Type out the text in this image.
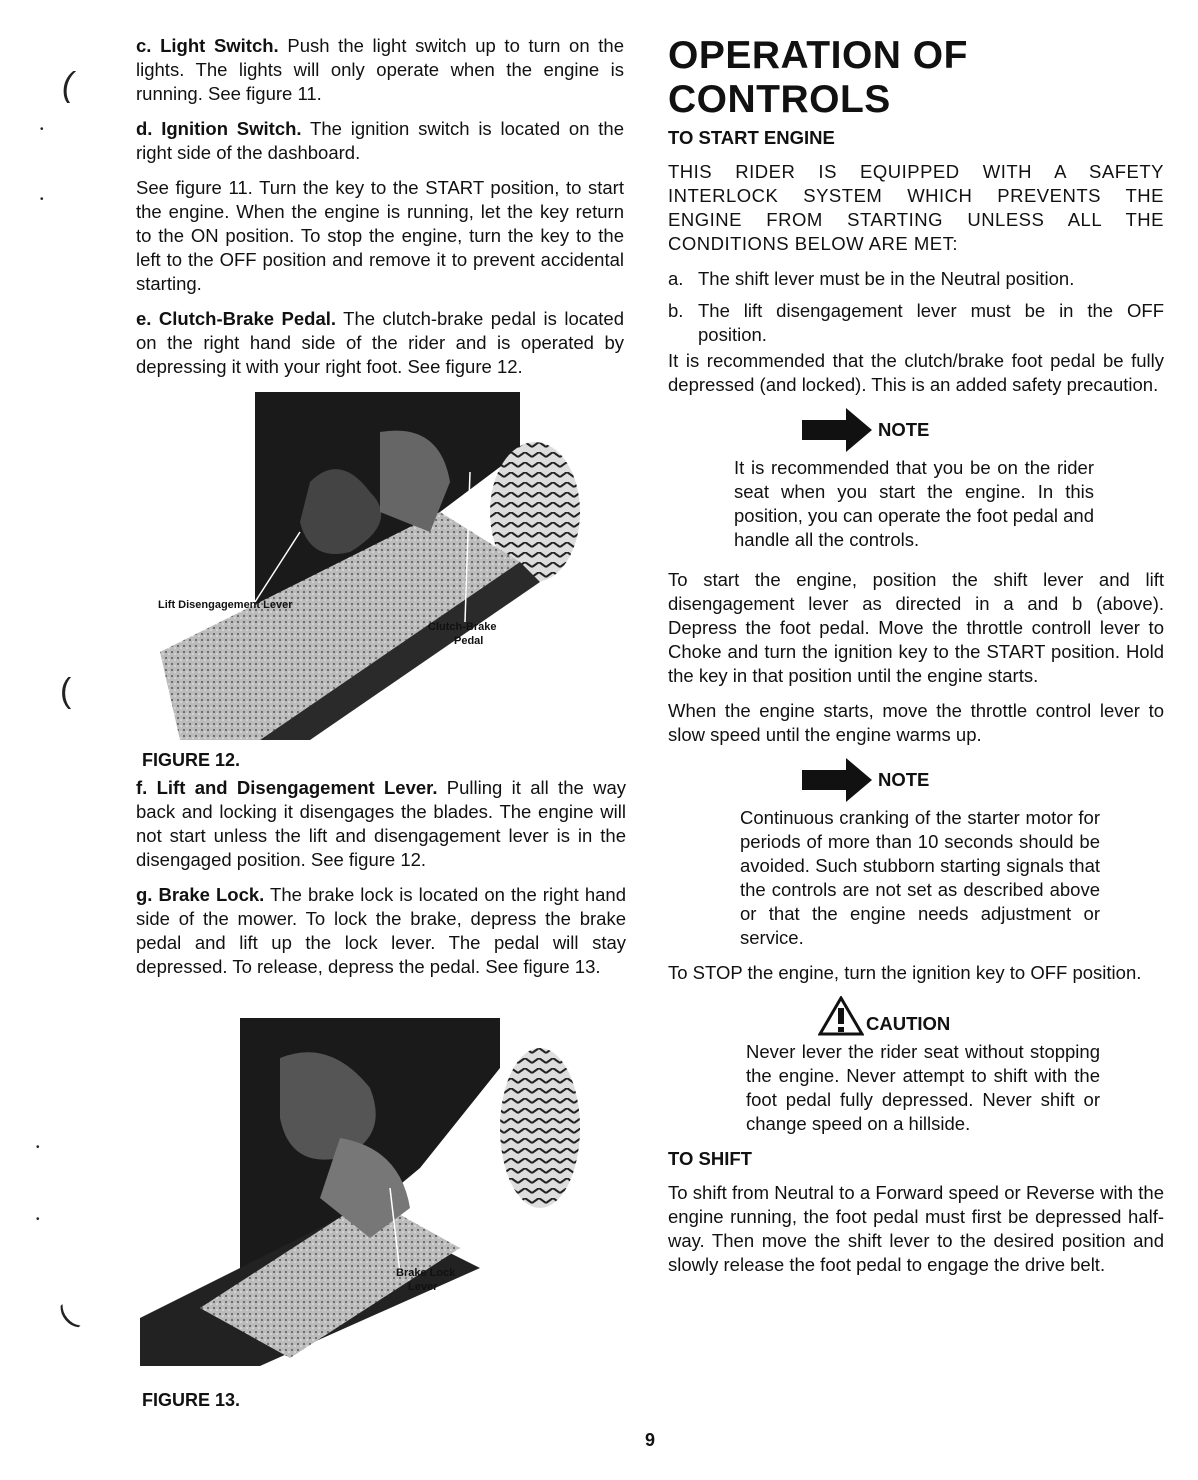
(
•
•
(
•
•
(

c. Light Switch. Push the light switch up to turn on the lights. The lights will only operate when the engine is running. See figure 11.

d. Ignition Switch. The ignition switch is located on the right side of the dashboard.

See figure 11. Turn the key to the START position, to start the engine. When the engine is running, let the key return to the ON position. To stop the engine, turn the key to the left to the OFF position and remove it to prevent accidental starting.

e. Clutch-Brake Pedal. The clutch-brake pedal is located on the right hand side of the rider and is operated by depressing it with your right foot. See figure 12.

Lift Disengagement Lever
Clutch-Brake
Pedal
FIGURE 12.

f. Lift and Disengagement Lever. Pulling it all the way back and locking it disengages the blades. The engine will not start unless the lift and disengagement lever is in the disengaged position. See figure 12.

g. Brake Lock. The brake lock is located on the right hand side of the mower. To lock the brake, depress the brake pedal and lift up the lock lever. The pedal will stay depressed. To release, depress the pedal. See figure 13.

Brake Lock
Lever
FIGURE 13.
OPERATION OF
CONTROLS
TO START ENGINE

THIS RIDER IS EQUIPPED WITH A SAFETY INTERLOCK SYSTEM WHICH PREVENTS THE ENGINE FROM STARTING UNLESS ALL THE CONDITIONS BELOW ARE MET:

a. The shift lever must be in the Neutral position.
b. The lift disengagement lever must be in the OFF position.

It is recommended that the clutch/brake foot pedal be fully depressed (and locked). This is an added safety precaution.

NOTE

It is recommended that you be on the rider seat when you start the engine. In this position, you can operate the foot pedal and handle all the controls.

To start the engine, position the shift lever and lift disengagement lever as directed in a and b (above). Depress the foot pedal. Move the throttle controll lever to Choke and turn the ignition key to the START position. Hold the key in that position until the engine starts.

When the engine starts, move the throttle control lever to slow speed until the engine warms up.

NOTE

Continuous cranking of the starter motor for periods of more than 10 seconds should be avoided. Such stubborn starting signals that the controls are not set as described above or that the engine needs adjustment or service.

To STOP the engine, turn the ignition key to OFF position.

CAUTION

Never lever the rider seat without stopping the engine. Never attempt to shift with the foot pedal fully depressed. Never shift or change speed on a hillside.

TO SHIFT

To shift from Neutral to a Forward speed or Reverse with the engine running, the foot pedal must first be depressed half-way. Then move the shift lever to the desired position and slowly release the foot pedal to engage the drive belt.

9
